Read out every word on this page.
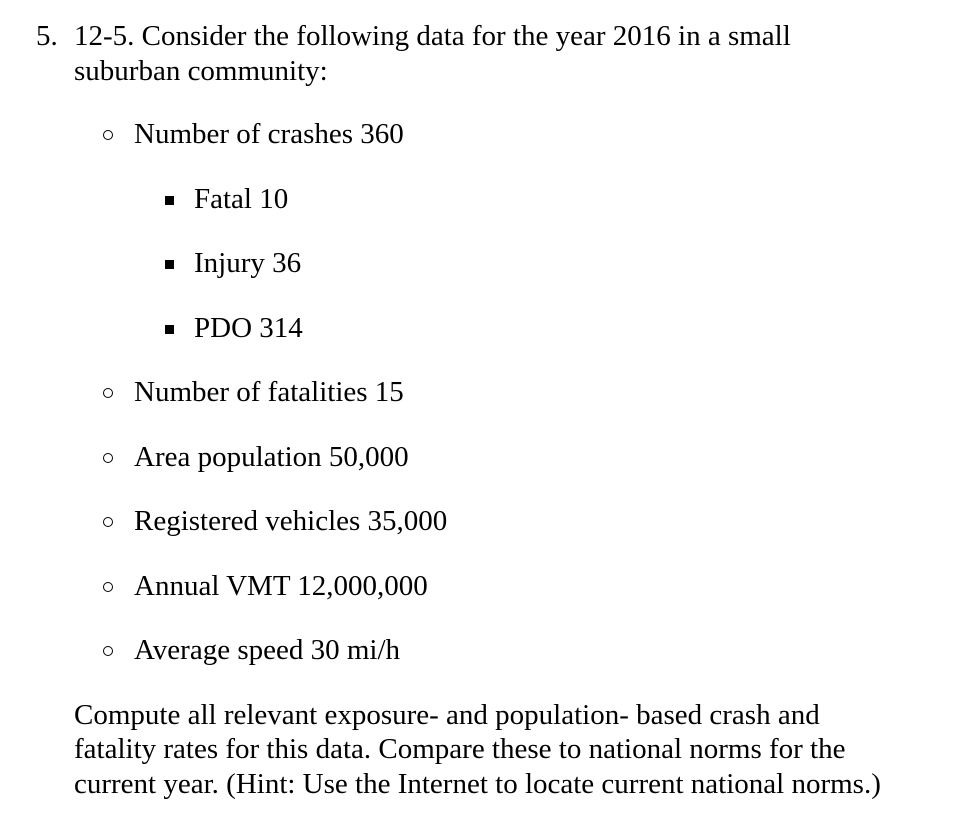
5. 12-5. Consider the following data for the year 2016 in a small
suburban community:
Number of crashes 360
Fatal 10
Injury 36
PDO 314
Number of fatalities 15
Area population 50,000
Registered vehicles 35,000
Annual VMT 12,000,000
Average speed 30 mi/h
Compute all relevant exposure- and population- based crash and
fatality rates for this data. Compare these to national norms for the
current year. (Hint: Use the Internet to locate current national norms.)
